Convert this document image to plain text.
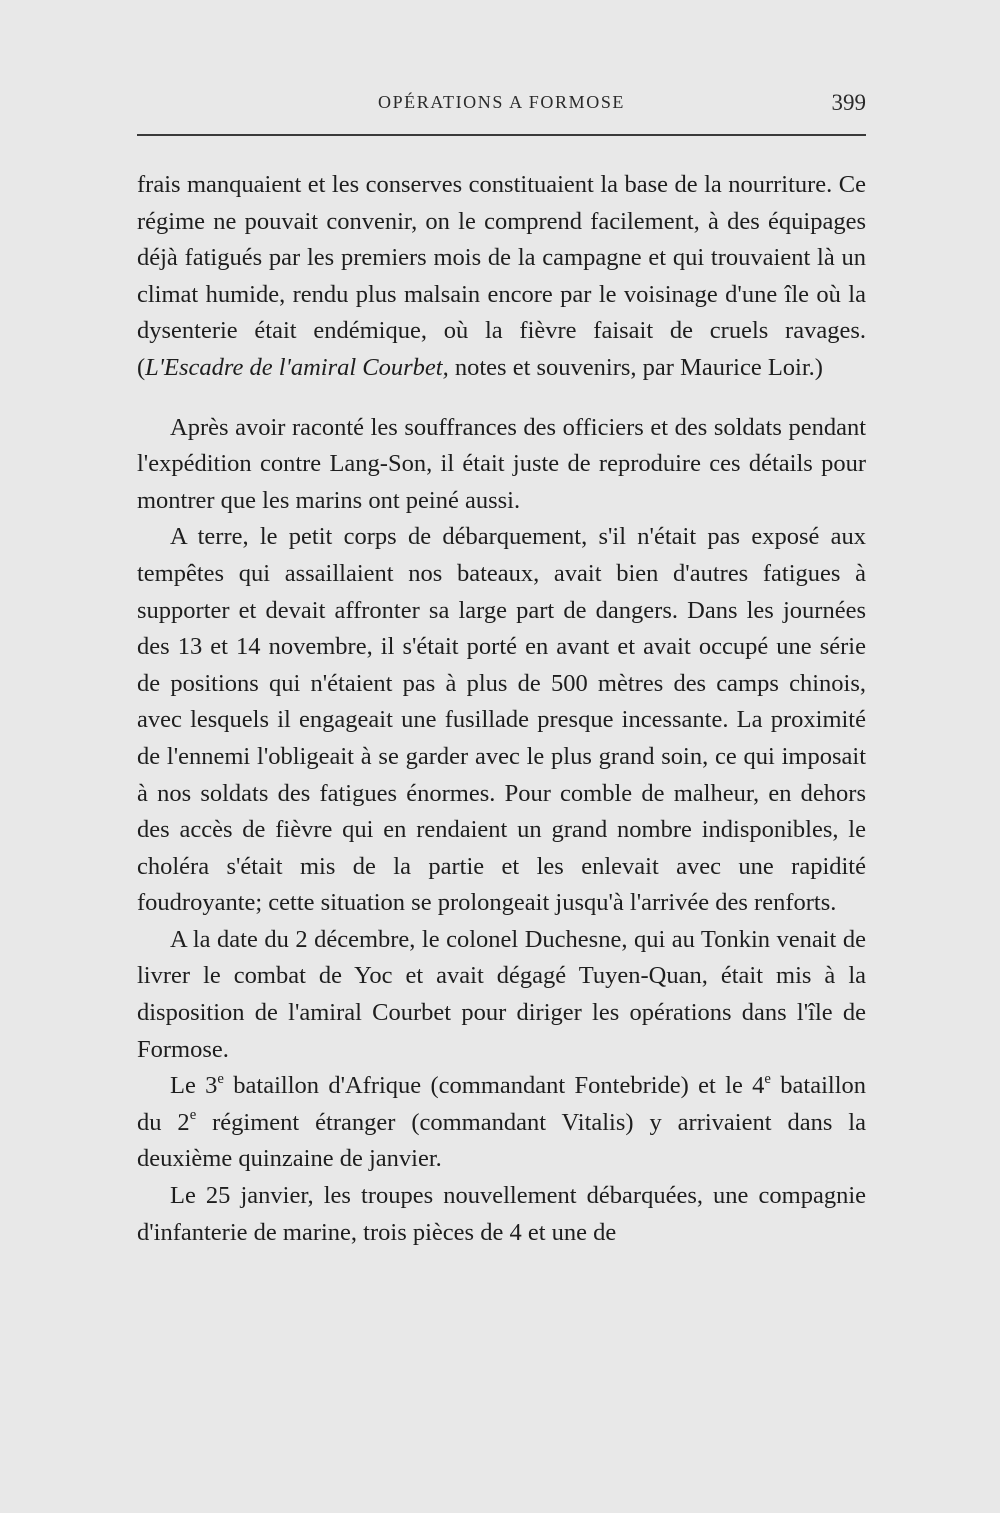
OPÉRATIONS A FORMOSE	399

frais manquaient et les conserves constituaient la base de la nourriture. Ce régime ne pouvait convenir, on le comprend facilement, à des équipages déjà fatigués par les premiers mois de la campagne et qui trouvaient là un climat humide, rendu plus malsain encore par le voisinage d'une île où la dysenterie était endémique, où la fièvre faisait de cruels ravages. (L'Escadre de l'amiral Courbet, notes et souvenirs, par Maurice Loir.)

Après avoir raconté les souffrances des officiers et des soldats pendant l'expédition contre Lang-Son, il était juste de reproduire ces détails pour montrer que les marins ont peiné aussi.

A terre, le petit corps de débarquement, s'il n'était pas exposé aux tempêtes qui assaillaient nos bateaux, avait bien d'autres fatigues à supporter et devait affronter sa large part de dangers. Dans les journées des 13 et 14 novembre, il s'était porté en avant et avait occupé une série de positions qui n'étaient pas à plus de 500 mètres des camps chinois, avec lesquels il engageait une fusillade presque incessante. La proximité de l'ennemi l'obligeait à se garder avec le plus grand soin, ce qui imposait à nos soldats des fatigues énormes. Pour comble de malheur, en dehors des accès de fièvre qui en rendaient un grand nombre indisponibles, le choléra s'était mis de la partie et les enlevait avec une rapidité foudroyante; cette situation se prolongeait jusqu'à l'arrivée des renforts.

A la date du 2 décembre, le colonel Duchesne, qui au Tonkin venait de livrer le combat de Yoc et avait dégagé Tuyen-Quan, était mis à la disposition de l'amiral Courbet pour diriger les opérations dans l'île de Formose.

Le 3e bataillon d'Afrique (commandant Fontebride) et le 4e bataillon du 2e régiment étranger (commandant Vitalis) y arrivaient dans la deuxième quinzaine de janvier.

Le 25 janvier, les troupes nouvellement débarquées, une compagnie d'infanterie de marine, trois pièces de 4 et une de
